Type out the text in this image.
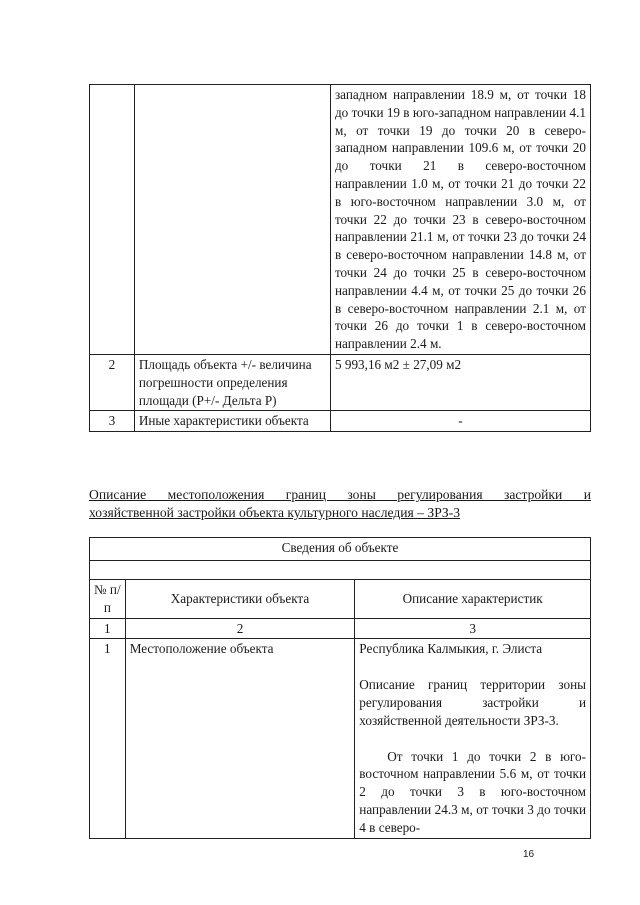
		западном направлении 18.9 м, от точки 18 до точки 19 в юго-западном направлении 4.1 м, от точки 19 до точки 20 в северо-западном направлении 109.6 м, от точки 20 до точки 21 в северо-восточном направлении 1.0 м, от точки 21 до точки 22 в юго-восточном направлении 3.0 м, от точки 22 до точки 23 в северо-восточном направлении 21.1 м, от точки 23 до точки 24 в северо-восточном направлении 14.8 м, от точки 24 до точки 25 в северо-восточном направлении 4.4 м, от точки 25 до точки 26 в северо-восточном направлении 2.1 м, от точки 26 до точки 1 в северо-восточном направлении 2.4 м.
2	Площадь объекта +/- величина погрешности определения площади (Р+/- Дельта Р)	5 993,16 м2 ± 27,09 м2
3	Иные характеристики объекта	-
Описание местоположения границ зоны регулирования застройки и
хозяйственной застройки объекта культурного наследия – ЗРЗ-3
Сведения об объекте		

№ п/п	Характеристики объекта	Описание характеристик
1	2	3
1	Местоположение объекта	Республика Калмыкия, г. Элиста

Описание границ территории зоны регулирования застройки и хозяйственной деятельности ЗРЗ-3.

От точки 1 до точки 2 в юго-восточном направлении 5.6 м, от точки 2 до точки 3 в юго-восточном направлении 24.3 м, от точки 3 до точки 4 в северо-

16
